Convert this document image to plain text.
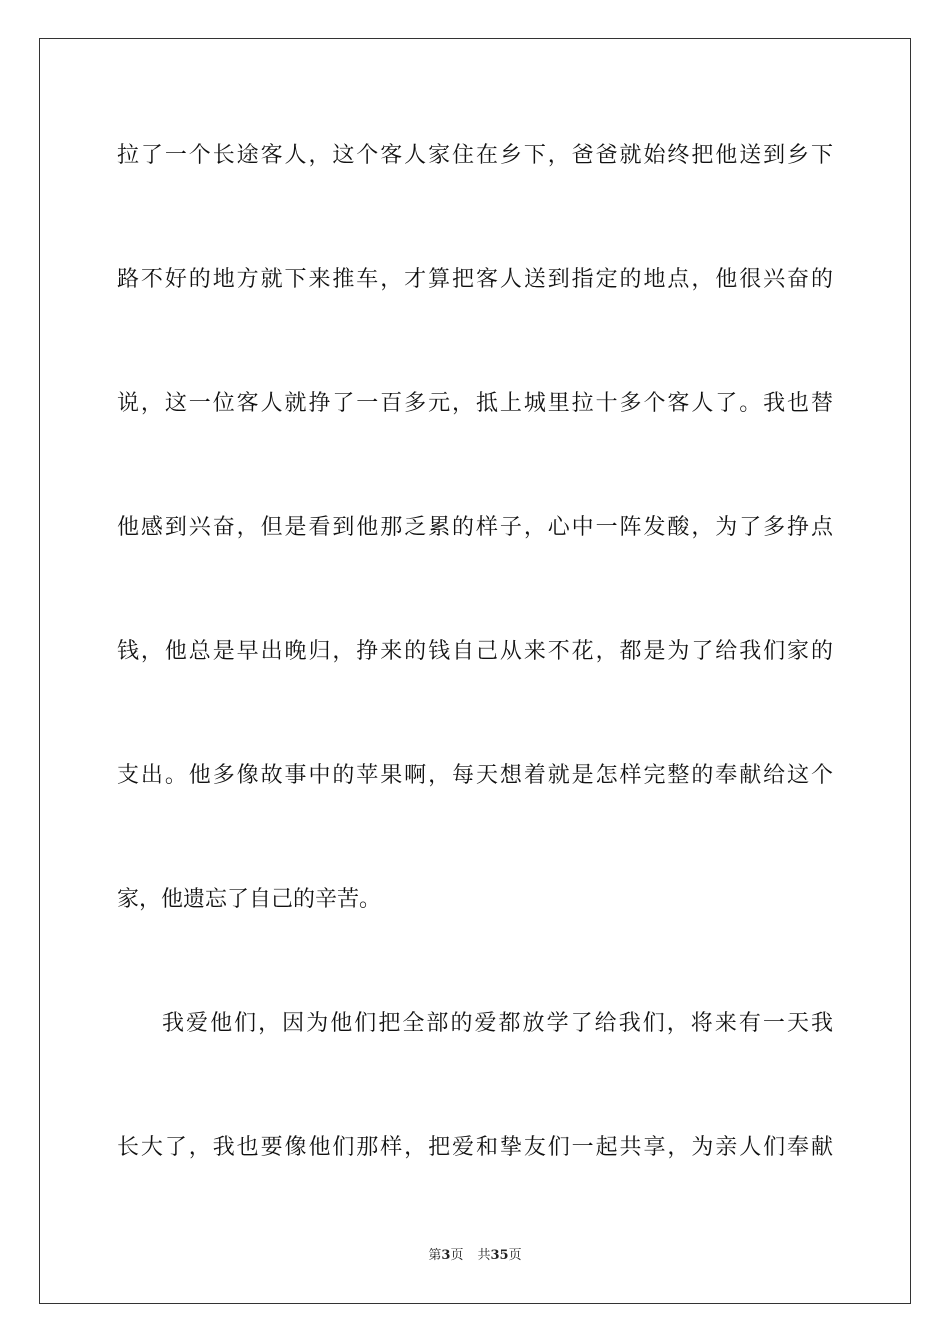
拉了一个长途客人，这个客人家住在乡下，爸爸就始终把他送到乡下
路不好的地方就下来推车，才算把客人送到指定的地点，他很兴奋的
说，这一位客人就挣了一百多元，抵上城里拉十多个客人了。我也替
他感到兴奋，但是看到他那乏累的样子，心中一阵发酸，为了多挣点
钱，他总是早出晚归，挣来的钱自己从来不花，都是为了给我们家的
支出。他多像故事中的苹果啊，每天想着就是怎样完整的奉献给这个
家，他遗忘了自己的辛苦。
我爱他们，因为他们把全部的爱都放学了给我们，将来有一天我
长大了，我也要像他们那样，把爱和挚友们一起共享，为亲人们奉献
第3页 共35页
